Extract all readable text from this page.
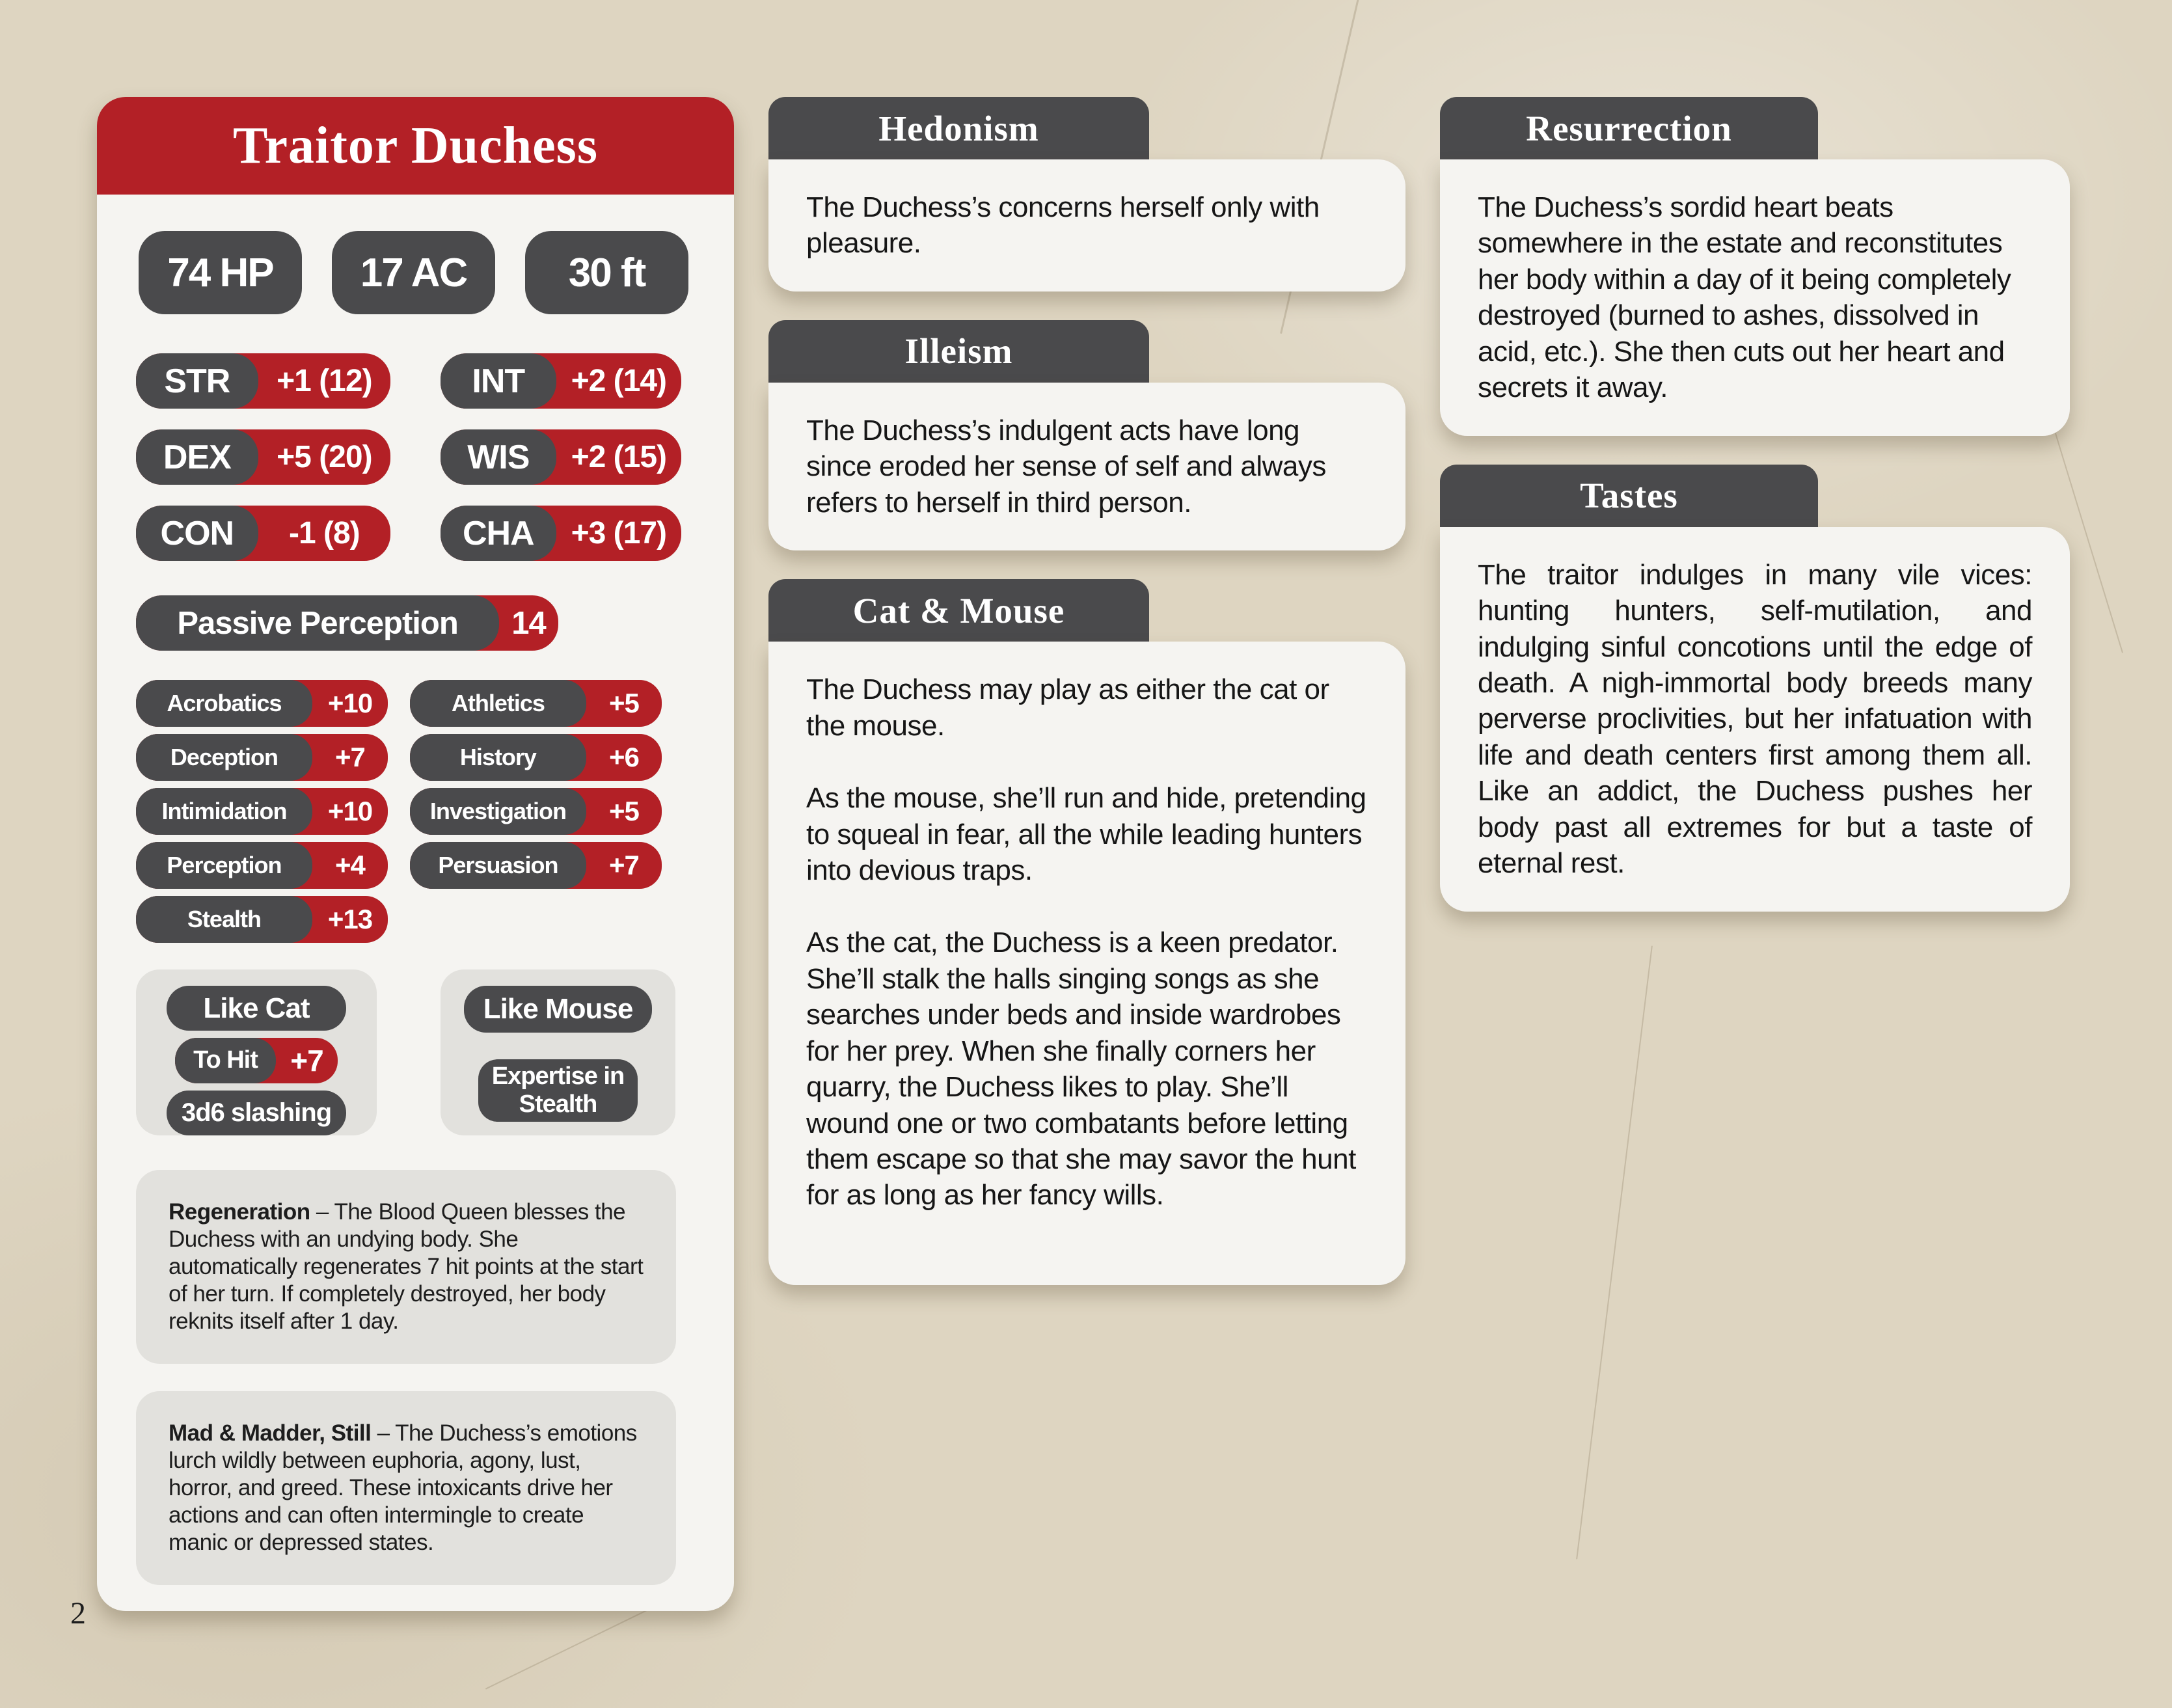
Traitor Duchess
74 HP	17 AC	30 ft
STR	+1 (12)
DEX	+5 (20)
CON	-1 (8)
INT	+2 (14)
WIS	+2 (15)
CHA	+3 (17)
Passive Perception	14
Acrobatics	+10
Deception	+7
Intimidation	+10
Perception	+4
Stealth	+13
Athletics	+5
History	+6
Investigation	+5
Persuasion	+7
Like Cat
To Hit	+7
3d6 slashing
Like Mouse
Expertise in Stealth

Regeneration – The Blood Queen blesses the Duchess with an undying body. She automatically regenerates 7 hit points at the start of her turn. If completely destroyed, her body reknits itself after 1 day.

Mad & Madder, Still – The Duchess’s emotions lurch wildly between euphoria, agony, lust, horror, and greed. These intoxicants drive her actions and can often intermingle to create manic or depressed states.

Hedonism

The Duchess’s concerns herself only with pleasure.

Illeism

The Duchess’s indulgent acts have long since eroded her sense of self and always refers to herself in third person.

Cat & Mouse

The Duchess may play as either the cat or the mouse.

As the mouse, she’ll run and hide, pretending to squeal in fear, all the while leading hunters into devious traps.

As the cat, the Duchess is a keen predator. She’ll stalk the halls singing songs as she searches under beds and inside wardrobes for her prey. When she finally corners her quarry, the Duchess likes to play. She’ll wound one or two combatants before letting them escape so that she may savor the hunt for as long as her fancy wills.

Resurrection

The Duchess’s sordid heart beats somewhere in the estate and reconstitutes her body within a day of it being completely destroyed (burned to ashes, dissolved in acid, etc.). She then cuts out her heart and secrets it away.

Tastes

The traitor indulges in many vile vices: hunting hunters, self-mutilation, and indulging sinful concotions until the edge of death. A nigh-immortal body breeds many perverse proclivities, but her infatuation with life and death centers first among them all. Like an addict, the Duchess pushes her body past all extremes for but a taste of eternal rest.

2
